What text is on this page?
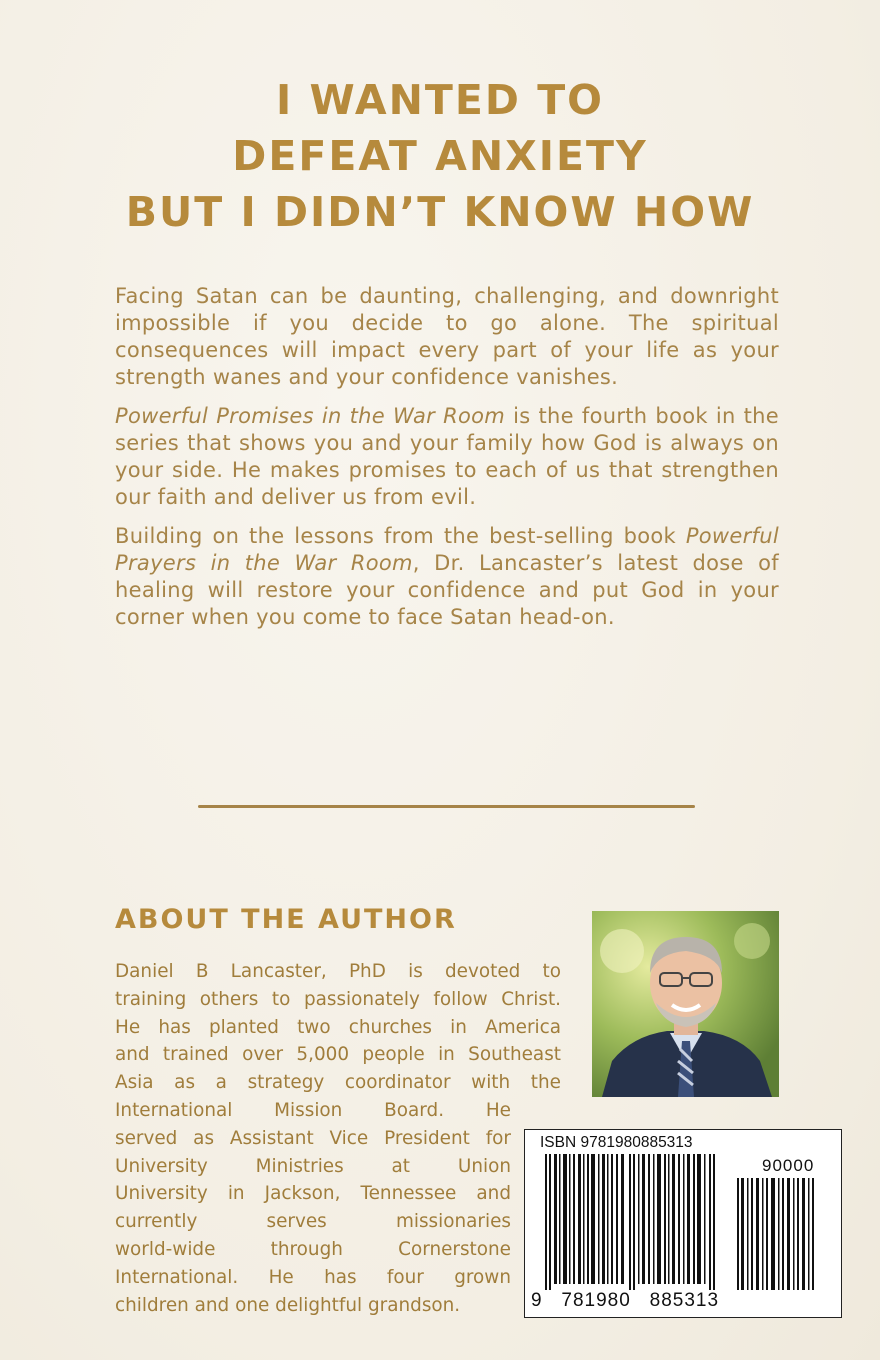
I WANTED TO
DEFEAT ANXIETY
BUT I DIDN’T KNOW HOW

Facing Satan can be daunting, challenging, and downright impossible if you decide to go alone. The spiritual consequences will impact every part of your life as your strength wanes and your confidence vanishes.

Powerful Promises in the War Room is the fourth book in the series that shows you and your family how God is always on your side. He makes promises to each of us that strengthen our faith and deliver us from evil.

Building on the lessons from the best-selling book Powerful Prayers in the War Room, Dr. Lancaster’s latest dose of healing will restore your confidence and put God in your corner when you come to face Satan head-on.

ABOUT THE AUTHOR
Daniel B Lancaster, PhD is devoted to
training others to passionately follow Christ.
He has planted two churches in America
and trained over 5,000 people in Southeast
Asia as a strategy coordinator with the
International Mission Board. He
served as Assistant Vice President for
University Ministries at Union
University in Jackson, Tennessee and
currently serves missionaries
world-wide through Cornerstone
International. He has four grown
children and one delightful grandson.
ISBN 9781980885313
90000
9   781980   885313
